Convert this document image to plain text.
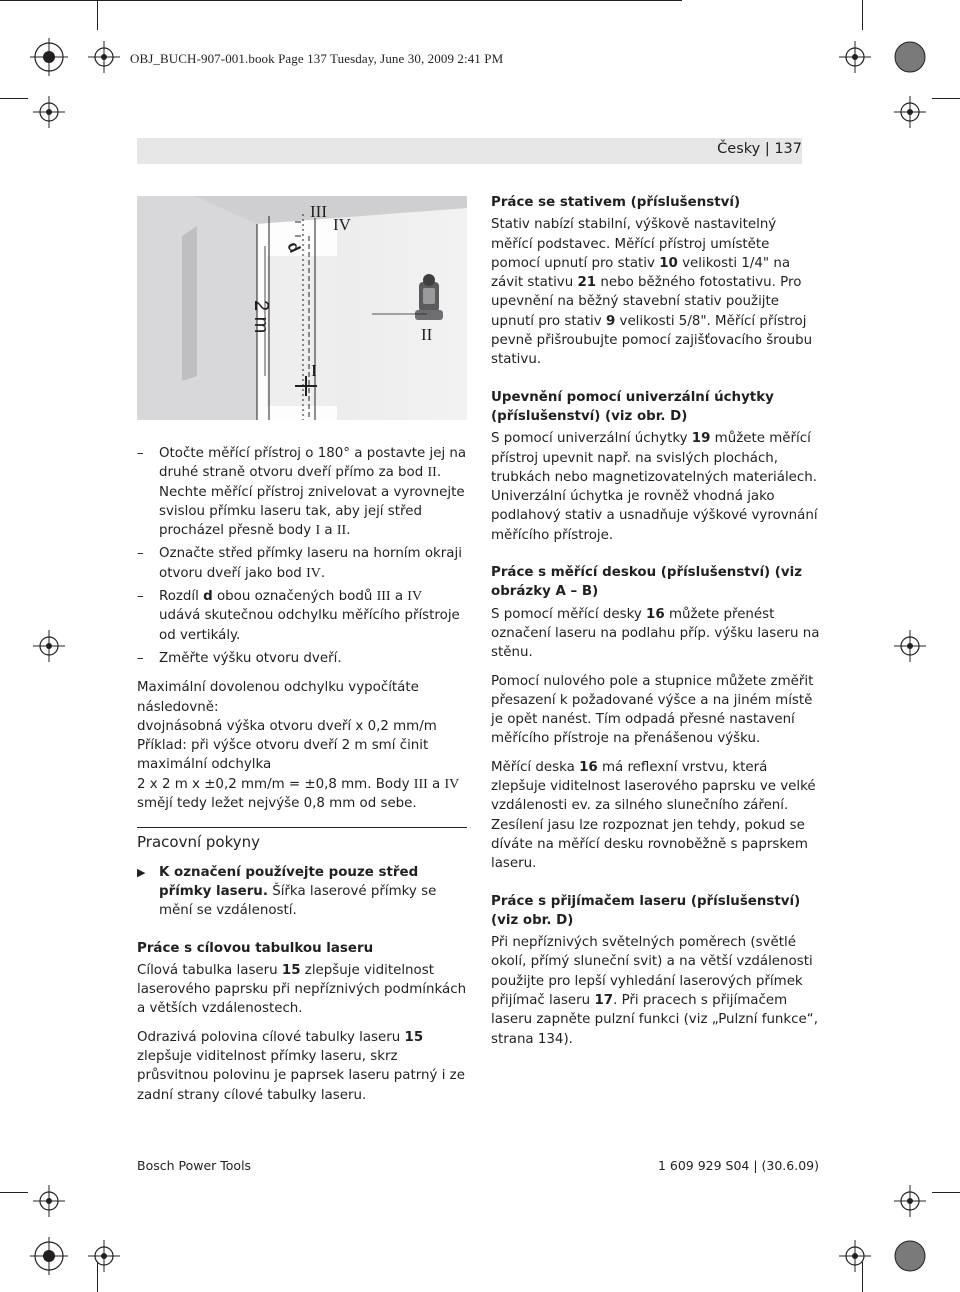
OBJ_BUCH-907-001.book Page 137 Tuesday, June 30, 2009 2:41 PM
Česky | 137
2 m
d
III
IV
II
I
– Otočte měřící přístroj o 180° a postavte jej na druhé straně otvoru dveří přímo za bod II. Nechte měřící přístroj znivelovat a vyrovnejte svislou přímku laseru tak, aby její střed procházel přesně body I a II.
– Označte střed přímky laseru na horním okraji otvoru dveří jako bod IV.
– Rozdíl d obou označených bodů III a IV udává skutečnou odchylku měřícího přístroje od vertikály.
– Změřte výšku otvoru dveří.

Maximální dovolenou odchylku vypočítáte následovně:
dvojnásobná výška otvoru dveří x 0,2 mm/m
Příklad: při výšce otvoru dveří 2 m smí činit maximální odchylka
2 x 2 m x ±0,2 mm/m = ±0,8 mm. Body III a IV smějí tedy ležet nejvýše 0,8 mm od sebe.

Pracovní pokyny
▶ K označení používejte pouze střed přímky laseru. Šířka laserové přímky se mění se vzdáleností.
Práce s cílovou tabulkou laseru

Cílová tabulka laseru 15 zlepšuje viditelnost laserového paprsku při nepříznivých podmínkách a větších vzdálenostech.

Odrazivá polovina cílové tabulky laseru 15 zlepšuje viditelnost přímky laseru, skrz průsvitnou polovinu je paprsek laseru patrný i ze zadní strany cílové tabulky laseru.

Práce se stativem (příslušenství)

Stativ nabízí stabilní, výškově nastavitelný měřící podstavec. Měřící přístroj umístěte pomocí upnutí pro stativ 10 velikosti 1/4" na závit stativu 21 nebo běžného fotostativu. Pro upevnění na běžný stavební stativ použijte upnutí pro stativ 9 velikosti 5/8". Měřící přístroj pevně přišroubujte pomocí zajišťovacího šroubu stativu.

Upevnění pomocí univerzální úchytky (příslušenství) (viz obr. D)

S pomocí univerzální úchytky 19 můžete měřící přístroj upevnit např. na svislých plochách, trubkách nebo magnetizovatelných materiálech. Univerzální úchytka je rovněž vhodná jako podlahový stativ a usnadňuje výškové vyrovnání měřícího přístroje.

Práce s měřící deskou (příslušenství) (viz obrázky A – B)

S pomocí měřící desky 16 můžete přenést označení laseru na podlahu příp. výšku laseru na stěnu.

Pomocí nulového pole a stupnice můžete změřit přesazení k požadované výšce a na jiném místě je opět nanést. Tím odpadá přesné nastavení měřícího přístroje na přenášenou výšku.

Měřící deska 16 má reflexní vrstvu, která zlepšuje viditelnost laserového paprsku ve velké vzdálenosti ev. za silného slunečního záření. Zesílení jasu lze rozpoznat jen tehdy, pokud se díváte na měřící desku rovnoběžně s paprskem laseru.

Práce s přijímačem laseru (příslušenství) (viz obr. D)

Při nepříznivých světelných poměrech (světlé okolí, přímý sluneční svit) a na větší vzdálenosti použijte pro lepší vyhledání laserových přímek přijímač laseru 17. Při pracech s přijímačem laseru zapněte pulzní funkci (viz „Pulzní funkce“, strana 134).

Bosch Power Tools	1 609 929 S04 | (30.6.09)
